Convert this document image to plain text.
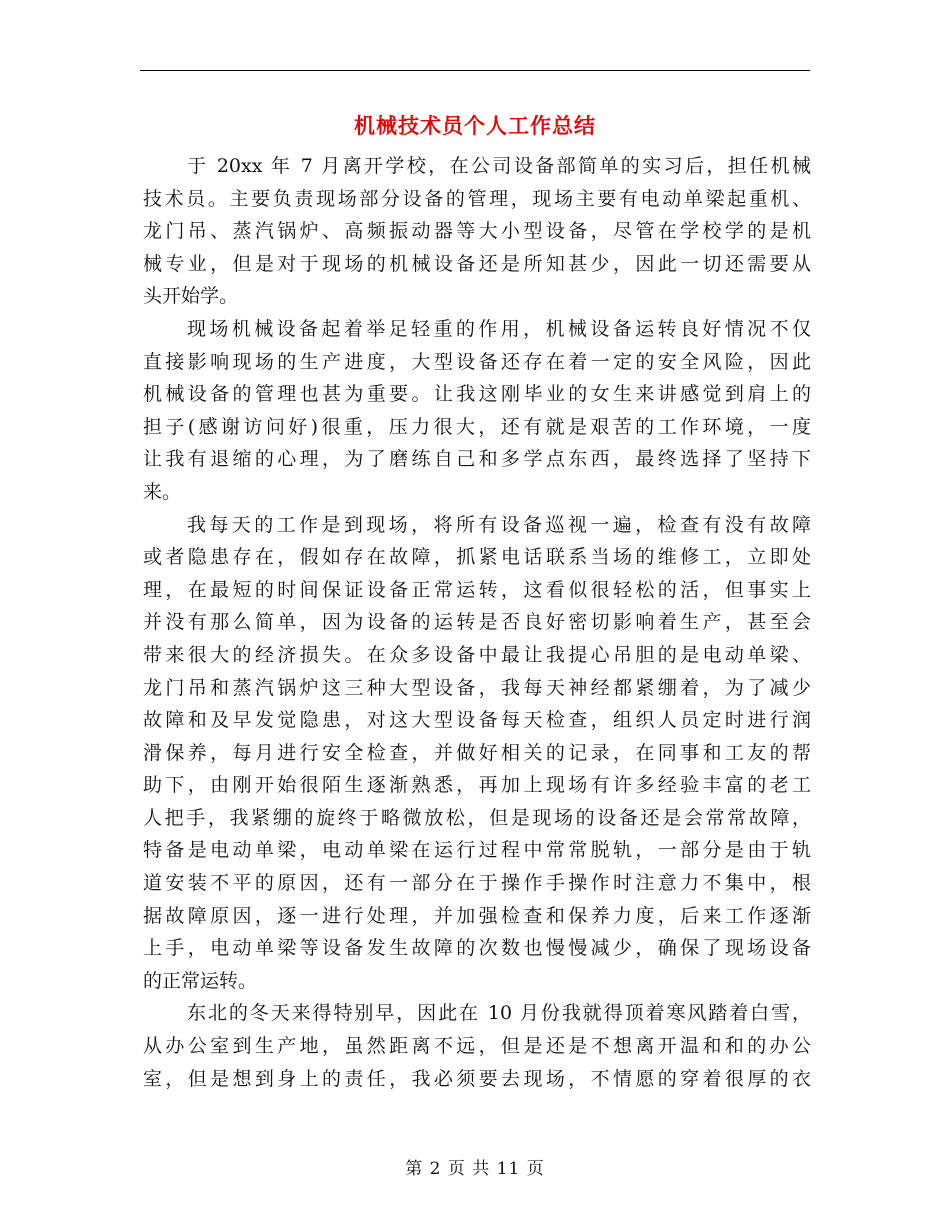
机械技术员个人工作总结
于 20xx 年 7 月离开学校，在公司设备部简单的实习后，担任机械
技术员。主要负责现场部分设备的管理，现场主要有电动单梁起重机、
龙门吊、蒸汽锅炉、高频振动器等大小型设备，尽管在学校学的是机
械专业，但是对于现场的机械设备还是所知甚少，因此一切还需要从
头开始学。
现场机械设备起着举足轻重的作用，机械设备运转良好情况不仅
直接影响现场的生产进度，大型设备还存在着一定的安全风险，因此
机械设备的管理也甚为重要。让我这刚毕业的女生来讲感觉到肩上的
担子(感谢访问好)很重，压力很大，还有就是艰苦的工作环境，一度
让我有退缩的心理，为了磨练自己和多学点东西，最终选择了坚持下
来。
我每天的工作是到现场，将所有设备巡视一遍，检查有没有故障
或者隐患存在，假如存在故障，抓紧电话联系当场的维修工，立即处
理，在最短的时间保证设备正常运转，这看似很轻松的活，但事实上
并没有那么简单，因为设备的运转是否良好密切影响着生产，甚至会
带来很大的经济损失。在众多设备中最让我提心吊胆的是电动单梁、
龙门吊和蒸汽锅炉这三种大型设备，我每天神经都紧绷着，为了减少
故障和及早发觉隐患，对这大型设备每天检查，组织人员定时进行润
滑保养，每月进行安全检查，并做好相关的记录，在同事和工友的帮
助下，由刚开始很陌生逐渐熟悉，再加上现场有许多经验丰富的老工
人把手，我紧绷的旋终于略微放松，但是现场的设备还是会常常故障，
特备是电动单梁，电动单梁在运行过程中常常脱轨，一部分是由于轨
道安装不平的原因，还有一部分在于操作手操作时注意力不集中，根
据故障原因，逐一进行处理，并加强检查和保养力度，后来工作逐渐
上手，电动单梁等设备发生故障的次数也慢慢减少，确保了现场设备
的正常运转。
东北的冬天来得特别早，因此在 10 月份我就得顶着寒风踏着白雪，
从办公室到生产地，虽然距离不远，但是还是不想离开温和和的办公
室，但是想到身上的责任，我必须要去现场，不情愿的穿着很厚的衣
第 2 页 共 11 页
